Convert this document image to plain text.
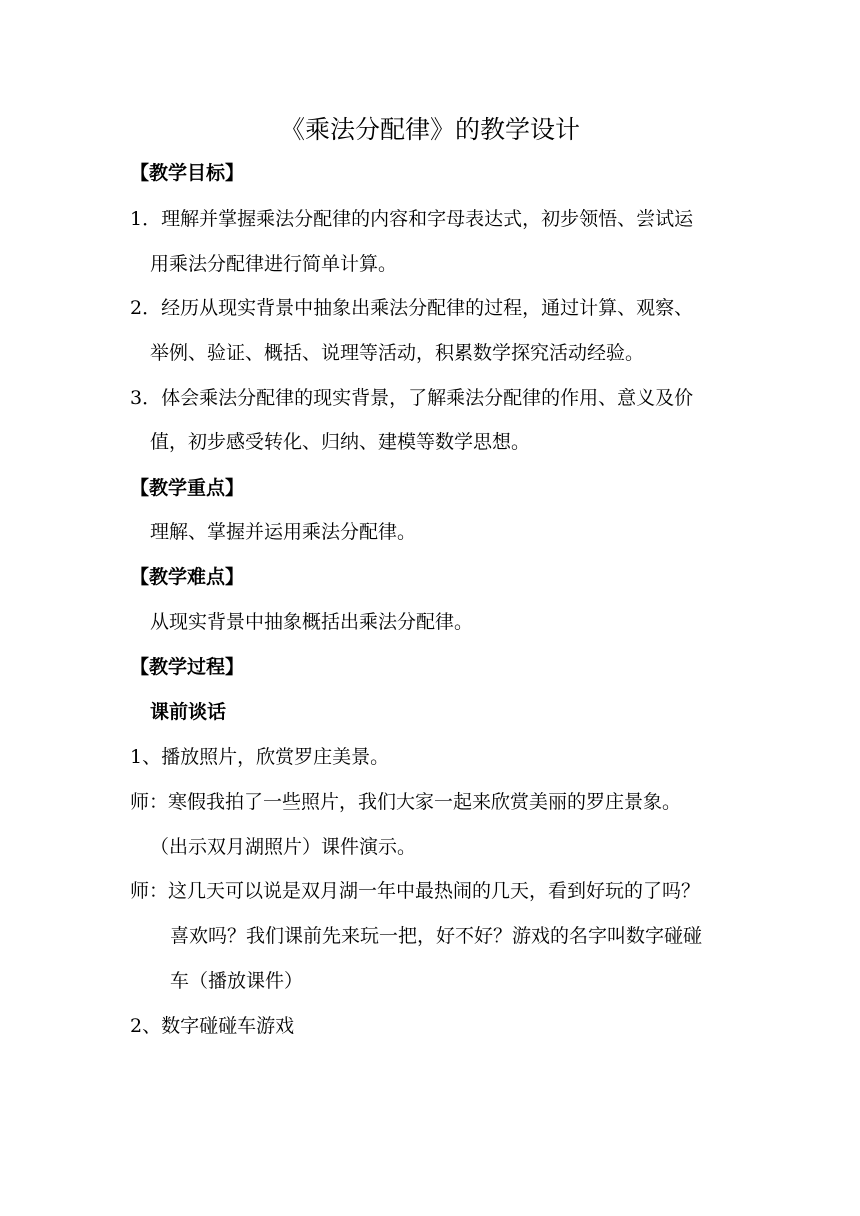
《乘法分配律》的教学设计
【教学目标】
1．理解并掌握乘法分配律的内容和字母表达式，初步领悟、尝试运
用乘法分配律进行简单计算。
2．经历从现实背景中抽象出乘法分配律的过程，通过计算、观察、
举例、验证、概括、说理等活动，积累数学探究活动经验。
3．体会乘法分配律的现实背景，了解乘法分配律的作用、意义及价
值，初步感受转化、归纳、建模等数学思想。
【教学重点】
理解、掌握并运用乘法分配律。
【教学难点】
从现实背景中抽象概括出乘法分配律。
【教学过程】
课前谈话
1、播放照片，欣赏罗庄美景。
师：寒假我拍了一些照片，我们大家一起来欣赏美丽的罗庄景象。
（出示双月湖照片）课件演示。
师：这几天可以说是双月湖一年中最热闹的几天，看到好玩的了吗？
喜欢吗？我们课前先来玩一把，好不好？游戏的名字叫数字碰碰
车（播放课件）
2、数字碰碰车游戏
